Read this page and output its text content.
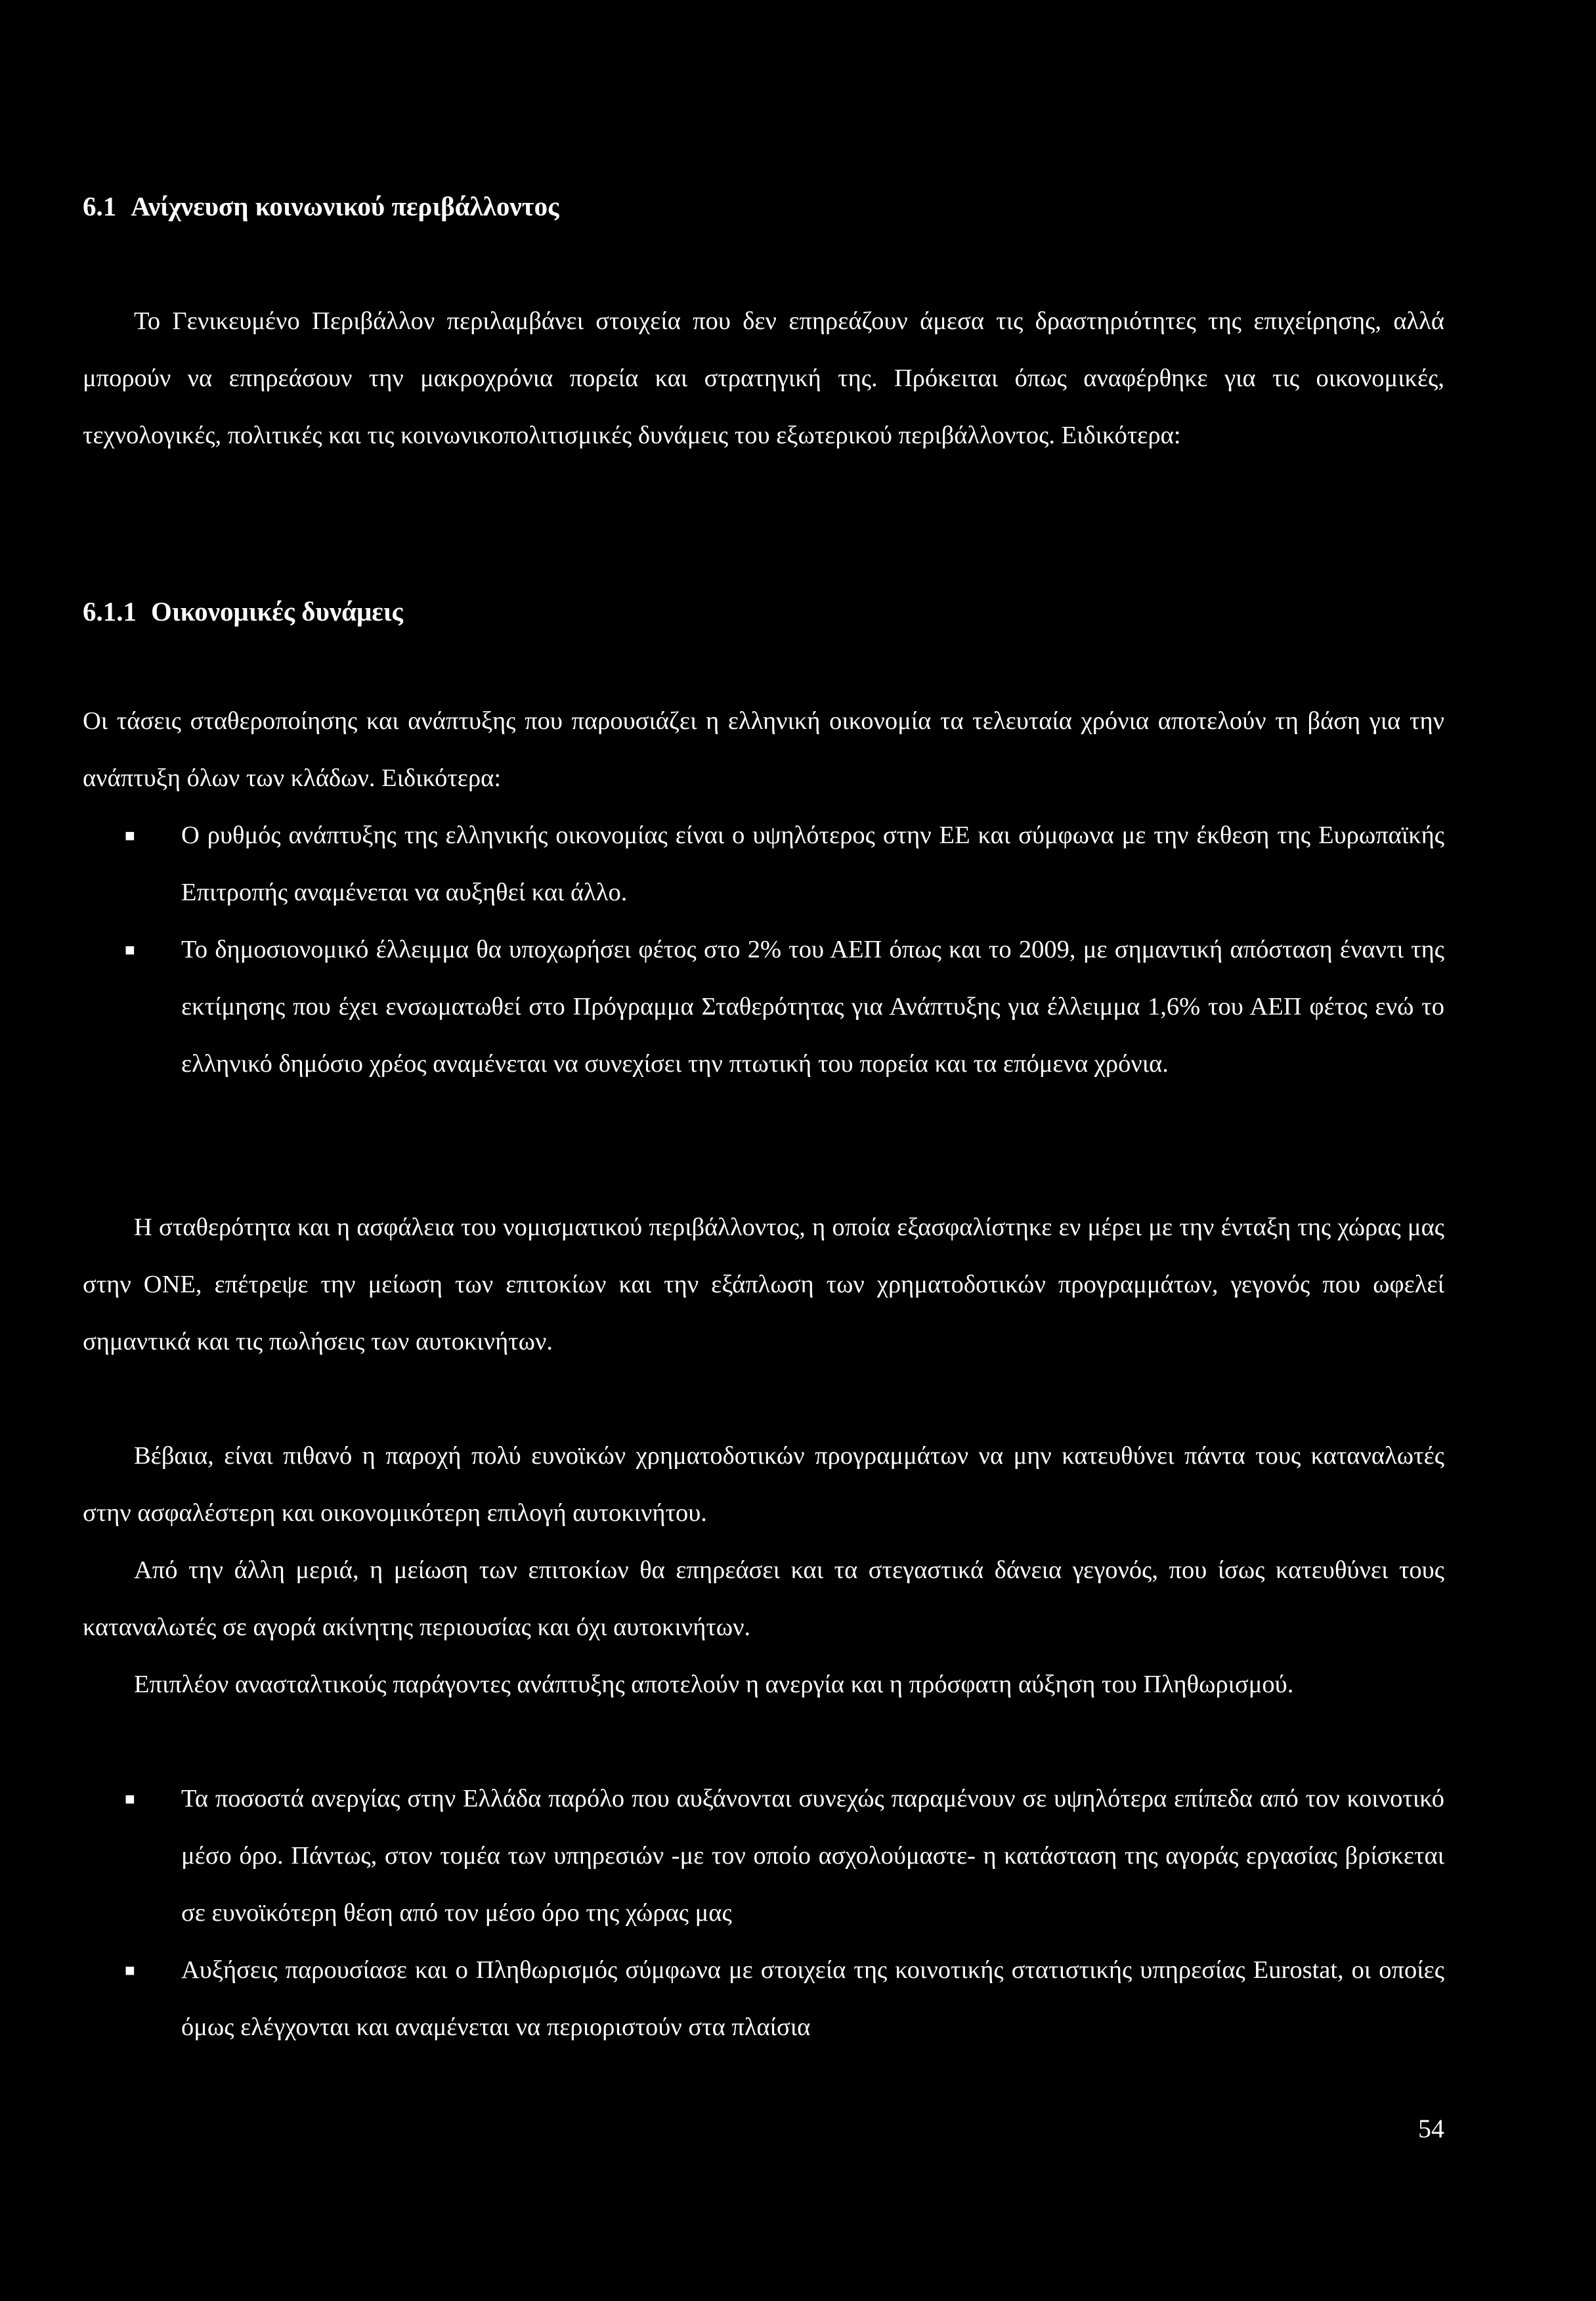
6.1 Ανίχνευση κοινωνικού περιβάλλοντος

Το Γενικευμένο Περιβάλλον περιλαμβάνει στοιχεία που δεν επηρεάζουν άμεσα τις δραστηριότητες της επιχείρησης, αλλά μπορούν να επηρεάσουν την μακροχρόνια πορεία και στρατηγική της. Πρόκειται όπως αναφέρθηκε για τις οικονομικές, τεχνολογικές, πολιτικές και τις κοινωνικοπολιτισμικές δυνάμεις του εξωτερικού περιβάλλοντος. Ειδικότερα:

6.1.1 Οικονομικές δυνάμεις

Οι τάσεις σταθεροποίησης και ανάπτυξης που παρουσιάζει η ελληνική οικονομία τα τελευταία χρόνια αποτελούν τη βάση για την ανάπτυξη όλων των κλάδων. Ειδικότερα:

■ Ο ρυθμός ανάπτυξης της ελληνικής οικονομίας είναι ο υψηλότερος στην ΕΕ και σύμφωνα με την έκθεση της Ευρωπαϊκής Επιτροπής αναμένεται να αυξηθεί και άλλο.
■ Το δημοσιονομικό έλλειμμα θα υποχωρήσει φέτος στο 2% του ΑΕΠ όπως και το 2009, με σημαντική απόσταση έναντι της εκτίμησης που έχει ενσωματωθεί στο Πρόγραμμα Σταθερότητας για Ανάπτυξης για έλλειμμα 1,6% του ΑΕΠ φέτος ενώ το ελληνικό δημόσιο χρέος αναμένεται να συνεχίσει την πτωτική του πορεία και τα επόμενα χρόνια.

Η σταθερότητα και η ασφάλεια του νομισματικού περιβάλλοντος, η οποία εξασφαλίστηκε εν μέρει με την ένταξη της χώρας μας στην ΟΝΕ, επέτρεψε την μείωση των επιτοκίων και την εξάπλωση των χρηματοδοτικών προγραμμάτων, γεγονός που ωφελεί σημαντικά και τις πωλήσεις των αυτοκινήτων.

Βέβαια, είναι πιθανό η παροχή πολύ ευνοϊκών χρηματοδοτικών προγραμμάτων να μην κατευθύνει πάντα τους καταναλωτές στην ασφαλέστερη και οικονομικότερη επιλογή αυτοκινήτου.

Από την άλλη μεριά, η μείωση των επιτοκίων θα επηρεάσει και τα στεγαστικά δάνεια γεγονός, που ίσως κατευθύνει τους καταναλωτές σε αγορά ακίνητης περιουσίας και όχι αυτοκινήτων.

Επιπλέον ανασταλτικούς παράγοντες ανάπτυξης αποτελούν η ανεργία και η πρόσφατη αύξηση του Πληθωρισμού.

■ Τα ποσοστά ανεργίας στην Ελλάδα παρόλο που αυξάνονται συνεχώς παραμένουν σε υψηλότερα επίπεδα από τον κοινοτικό μέσο όρο. Πάντως, στον τομέα των υπηρεσιών -με τον οποίο ασχολούμαστε- η κατάσταση της αγοράς εργασίας βρίσκεται σε ευνοϊκότερη θέση από τον μέσο όρο της χώρας μας
■ Αυξήσεις παρουσίασε και ο Πληθωρισμός σύμφωνα με στοιχεία της κοινοτικής στατιστικής υπηρεσίας Eurostat, οι οποίες όμως ελέγχονται και αναμένεται να περιοριστούν στα πλαίσια
54
